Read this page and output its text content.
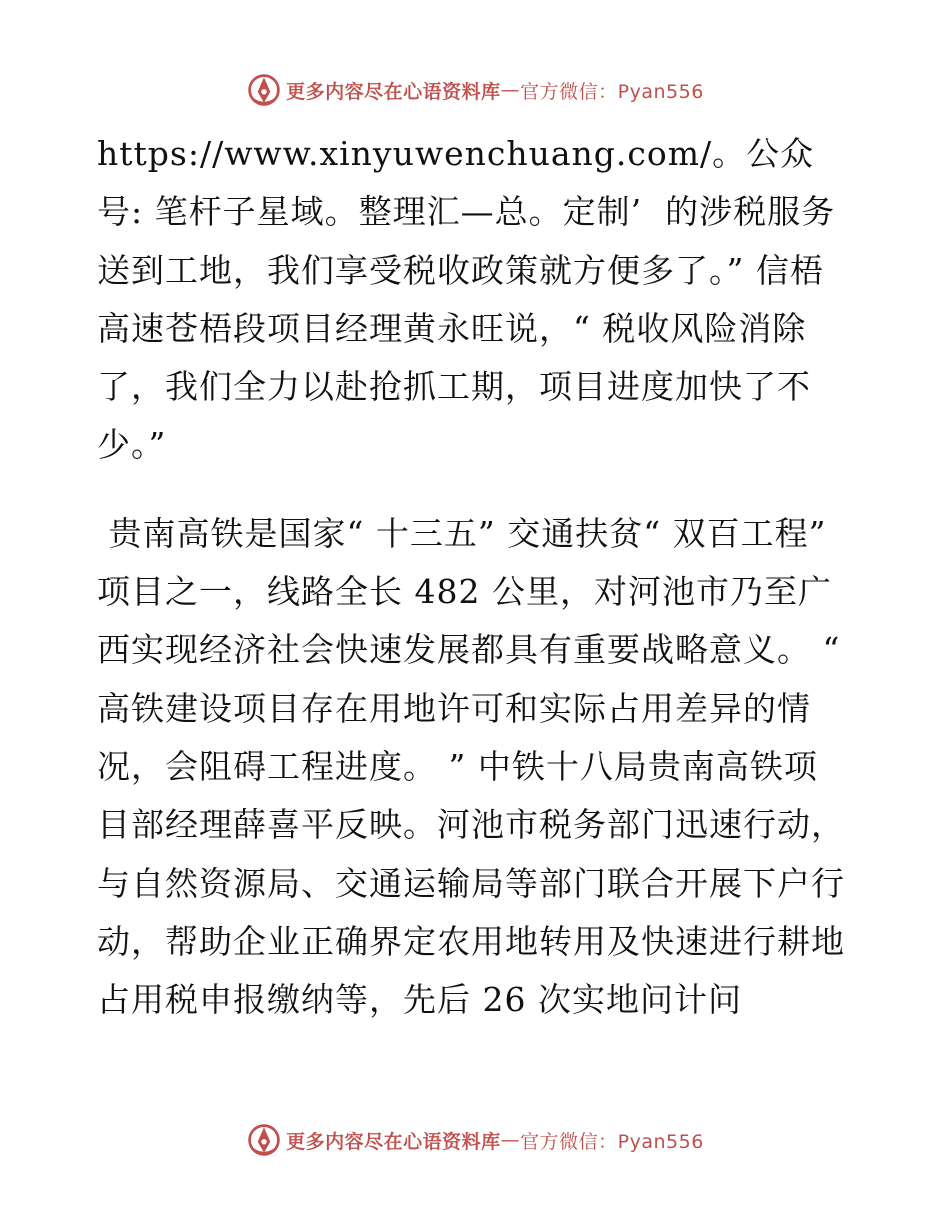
更多内容尽在心语资料库 — 官方微信：Pyan556

https://www.xinyuwenchuang.com/。公众号: 笔杆子星域。整理汇—总。定制’  的涉税服务送到工地，我们享受税收政策就方便多了。” 信梧高速苍梧段项目经理黄永旺说，“ 税收风险消除了，我们全力以赴抢抓工期，项目进度加快了不少。”

贵南高铁是国家“ 十三五” 交通扶贫“ 双百工程” 项目之一，线路全长 482 公里，对河池市乃至广西实现经济社会快速发展都具有重要战略意义。 “ 高铁建设项目存在用地许可和实际占用差异的情况，会阻碍工程进度。 ” 中铁十八局贵南高铁项目部经理薛喜平反映。河池市税务部门迅速行动，与自然资源局、交通运输局等部门联合开展下户行动，帮助企业正确界定农用地转用及快速进行耕地占用税申报缴纳等，先后 26 次实地问计问

更多内容尽在心语资料库 — 官方微信：Pyan556
